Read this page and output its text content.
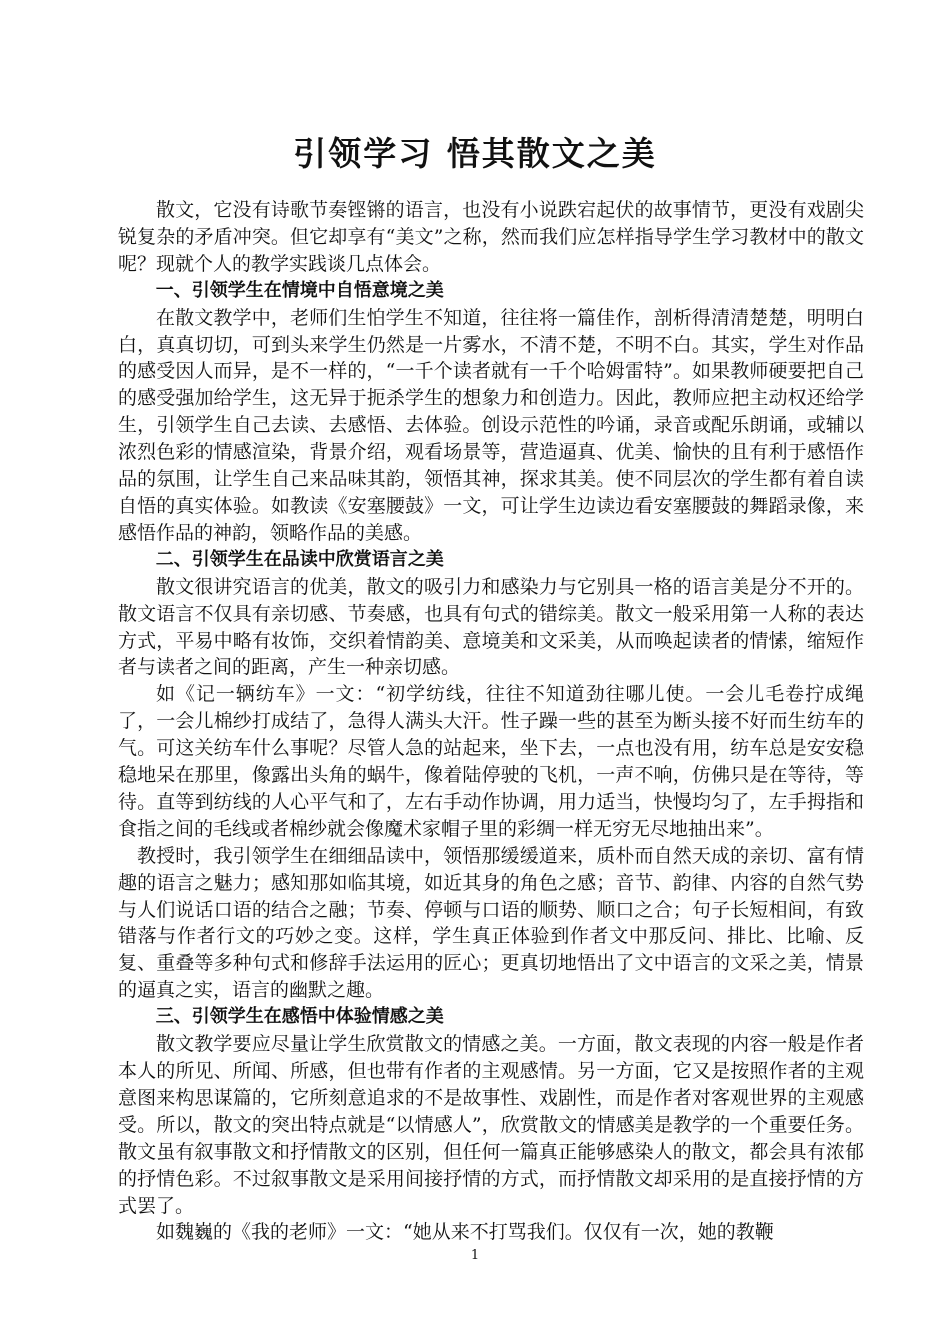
引领学习 悟其散文之美

散文，它没有诗歌节奏铿锵的语言，也没有小说跌宕起伏的故事情节，更没有戏剧尖锐复杂的矛盾冲突。但它却享有“美文”之称，然而我们应怎样指导学生学习教材中的散文呢？现就个人的教学实践谈几点体会。

一、引领学生在情境中自悟意境之美

在散文教学中，老师们生怕学生不知道，往往将一篇佳作，剖析得清清楚楚，明明白白，真真切切，可到头来学生仍然是一片雾水，不清不楚，不明不白。其实，学生对作品的感受因人而异，是不一样的，“一千个读者就有一千个哈姆雷特”。如果教师硬要把自己的感受强加给学生，这无异于扼杀学生的想象力和创造力。因此，教师应把主动权还给学生，引领学生自己去读、去感悟、去体验。创设示范性的吟诵，录音或配乐朗诵，或辅以浓烈色彩的情感渲染，背景介绍，观看场景等，营造逼真、优美、愉快的且有利于感悟作品的氛围，让学生自己来品味其韵，领悟其神，探求其美。使不同层次的学生都有着自读自悟的真实体验。如教读《安塞腰鼓》一文，可让学生边读边看安塞腰鼓的舞蹈录像，来感悟作品的神韵，领略作品的美感。

二、引领学生在品读中欣赏语言之美

散文很讲究语言的优美，散文的吸引力和感染力与它别具一格的语言美是分不开的。散文语言不仅具有亲切感、节奏感，也具有句式的错综美。散文一般采用第一人称的表达方式，平易中略有妆饰，交织着情韵美、意境美和文采美，从而唤起读者的情愫，缩短作者与读者之间的距离，产生一种亲切感。

如《记一辆纺车》一文：“初学纺线，往往不知道劲往哪儿使。一会儿毛卷拧成绳了，一会儿棉纱打成结了，急得人满头大汗。性子躁一些的甚至为断头接不好而生纺车的气。可这关纺车什么事呢？尽管人急的站起来，坐下去，一点也没有用，纺车总是安安稳稳地呆在那里，像露出头角的蜗牛，像着陆停驶的飞机，一声不响，仿佛只是在等待，等待。直等到纺线的人心平气和了，左右手动作协调，用力适当，快慢均匀了，左手拇指和食指之间的毛线或者棉纱就会像魔术家帽子里的彩绸一样无穷无尽地抽出来”。

教授时，我引领学生在细细品读中，领悟那缓缓道来，质朴而自然天成的亲切、富有情趣的语言之魅力；感知那如临其境，如近其身的角色之感；音节、韵律、内容的自然气势与人们说话口语的结合之融；节奏、停顿与口语的顺势、顺口之合；句子长短相间，有致错落与作者行文的巧妙之变。这样，学生真正体验到作者文中那反问、排比、比喻、反复、重叠等多种句式和修辞手法运用的匠心；更真切地悟出了文中语言的文采之美，情景的逼真之实，语言的幽默之趣。

三、引领学生在感悟中体验情感之美

散文教学要应尽量让学生欣赏散文的情感之美。一方面，散文表现的内容一般是作者本人的所见、所闻、所感，但也带有作者的主观感情。另一方面，它又是按照作者的主观意图来构思谋篇的，它所刻意追求的不是故事性、戏剧性，而是作者对客观世界的主观感受。所以，散文的突出特点就是“以情感人”，欣赏散文的情感美是教学的一个重要任务。散文虽有叙事散文和抒情散文的区别，但任何一篇真正能够感染人的散文，都会具有浓郁的抒情色彩。不过叙事散文是采用间接抒情的方式，而抒情散文却采用的是直接抒情的方式罢了。

如魏巍的《我的老师》一文：“她从来不打骂我们。仅仅有一次，她的教鞭

1
